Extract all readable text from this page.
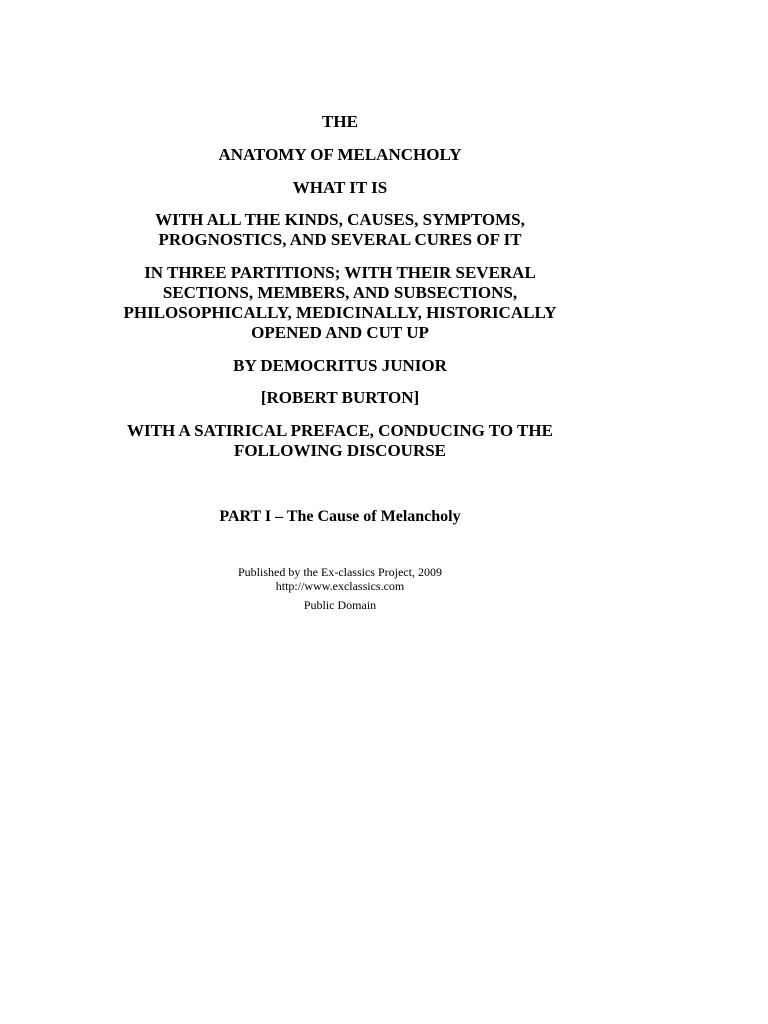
THE

ANATOMY OF MELANCHOLY

WHAT IT IS

WITH ALL THE KINDS, CAUSES, SYMPTOMS,
PROGNOSTICS, AND SEVERAL CURES OF IT

IN THREE PARTITIONS; WITH THEIR SEVERAL
SECTIONS, MEMBERS, AND SUBSECTIONS,
PHILOSOPHICALLY, MEDICINALLY, HISTORICALLY
OPENED AND CUT UP

BY DEMOCRITUS JUNIOR

[ROBERT BURTON]

WITH A SATIRICAL PREFACE, CONDUCING TO THE
FOLLOWING DISCOURSE

PART I – The Cause of Melancholy

Published by the Ex-classics Project, 2009

http://www.exclassics.com

Public Domain
